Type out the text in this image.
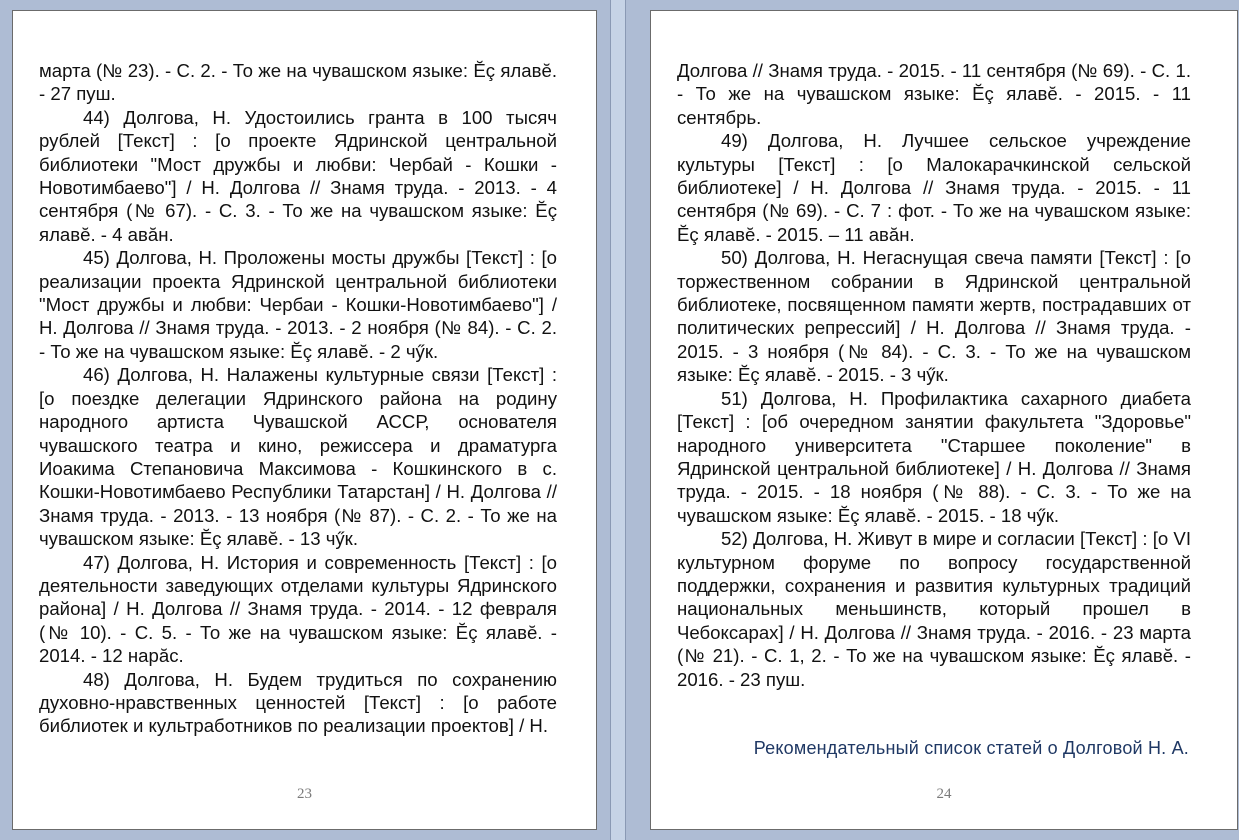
марта (№ 23). - С. 2. - То же на чувашском языке: Ĕç ялавĕ. - 27 пуш.

44) Долгова, Н. Удостоились гранта в 100 тысяч рублей [Текст] : [о проекте Ядринской центральной библиотеки "Мост дружбы и любви: Чербай - Кошки - Новотимбаево"] / Н. Долгова // Знамя труда. - 2013. - 4 сентября (№ 67). - С. 3. - То же на чувашском языке: Ĕç ялавĕ. - 4 авăн.

45) Долгова, Н. Проложены мосты дружбы [Текст] : [о реализации проекта Ядринской центральной библиотеки "Мост дружбы и любви: Чербаи - Кошки-Новотимбаево"] / Н. Долгова // Знамя труда. - 2013. - 2 ноября (№ 84). - С. 2. - То же на чувашском языке: Ĕç ялавĕ. - 2 чӳк.

46) Долгова, Н. Налажены культурные связи [Текст] : [о поездке делегации Ядринского района на родину народного артиста Чувашской АССР, основателя чувашского театра и кино, режиссера и драматурга Иоакима Степановича Максимова - Кошкинского в с. Кошки-Новотимбаево Республики Татарстан] / Н. Долгова // Знамя труда. - 2013. - 13 ноября (№ 87). - С. 2. - То же на чувашском языке: Ĕç ялавĕ. - 13 чӳк.

47) Долгова, Н. История и современность [Текст] : [о деятельности заведующих отделами культуры Ядринского района] / Н. Долгова // Знамя труда. - 2014. - 12 февраля (№ 10). - С. 5. - То же на чувашском языке: Ĕç ялавĕ. - 2014. - 12 нарăс.

48) Долгова, Н. Будем трудиться по сохранению духовно-нравственных ценностей [Текст] : [о работе библиотек и культработников по реализации проектов] / Н.

23

Долгова // Знамя труда. - 2015. - 11 сентября (№ 69). - С. 1. - То же на чувашском языке: Ĕç ялавĕ. - 2015. - 11 сентябрь.

49) Долгова, Н. Лучшее сельское учреждение культуры [Текст] : [о Малокарачкинской сельской библиотеке] / Н. Долгова // Знамя труда. - 2015. - 11 сентября (№ 69). - С. 7 : фот. - То же на чувашском языке: Ĕç ялавĕ. - 2015. – 11 авăн.

50) Долгова, Н. Негаснущая свеча памяти [Текст] : [о торжественном собрании в Ядринской центральной библиотеке, посвященном памяти жертв, пострадавших от политических репрессий] / Н. Долгова // Знамя труда. - 2015. - 3 ноября (№ 84). - С. 3. - То же на чувашском языке: Ĕç ялавĕ. - 2015. - 3 чӳк.

51) Долгова, Н. Профилактика сахарного диабета [Текст] : [об очередном занятии факультета "Здоровье" народного университета "Старшее поколение" в Ядринской центральной библиотеке] / Н. Долгова // Знамя труда. - 2015. - 18 ноября (№ 88). - С. 3. - То же на чувашском языке: Ĕç ялавĕ. - 2015. - 18 чӳк.

52) Долгова, Н. Живут в мире и согласии [Текст] : [о VI культурном форуме по вопросу государственной поддержки, сохранения и развития культурных традиций национальных меньшинств, который прошел в Чебоксарах] / Н. Долгова // Знамя труда. - 2016. - 23 марта (№ 21). - С. 1, 2. - То же на чувашском языке: Ĕç ялавĕ. - 2016. - 23 пуш.

Рекомендательный список статей о Долговой Н. А.
24
